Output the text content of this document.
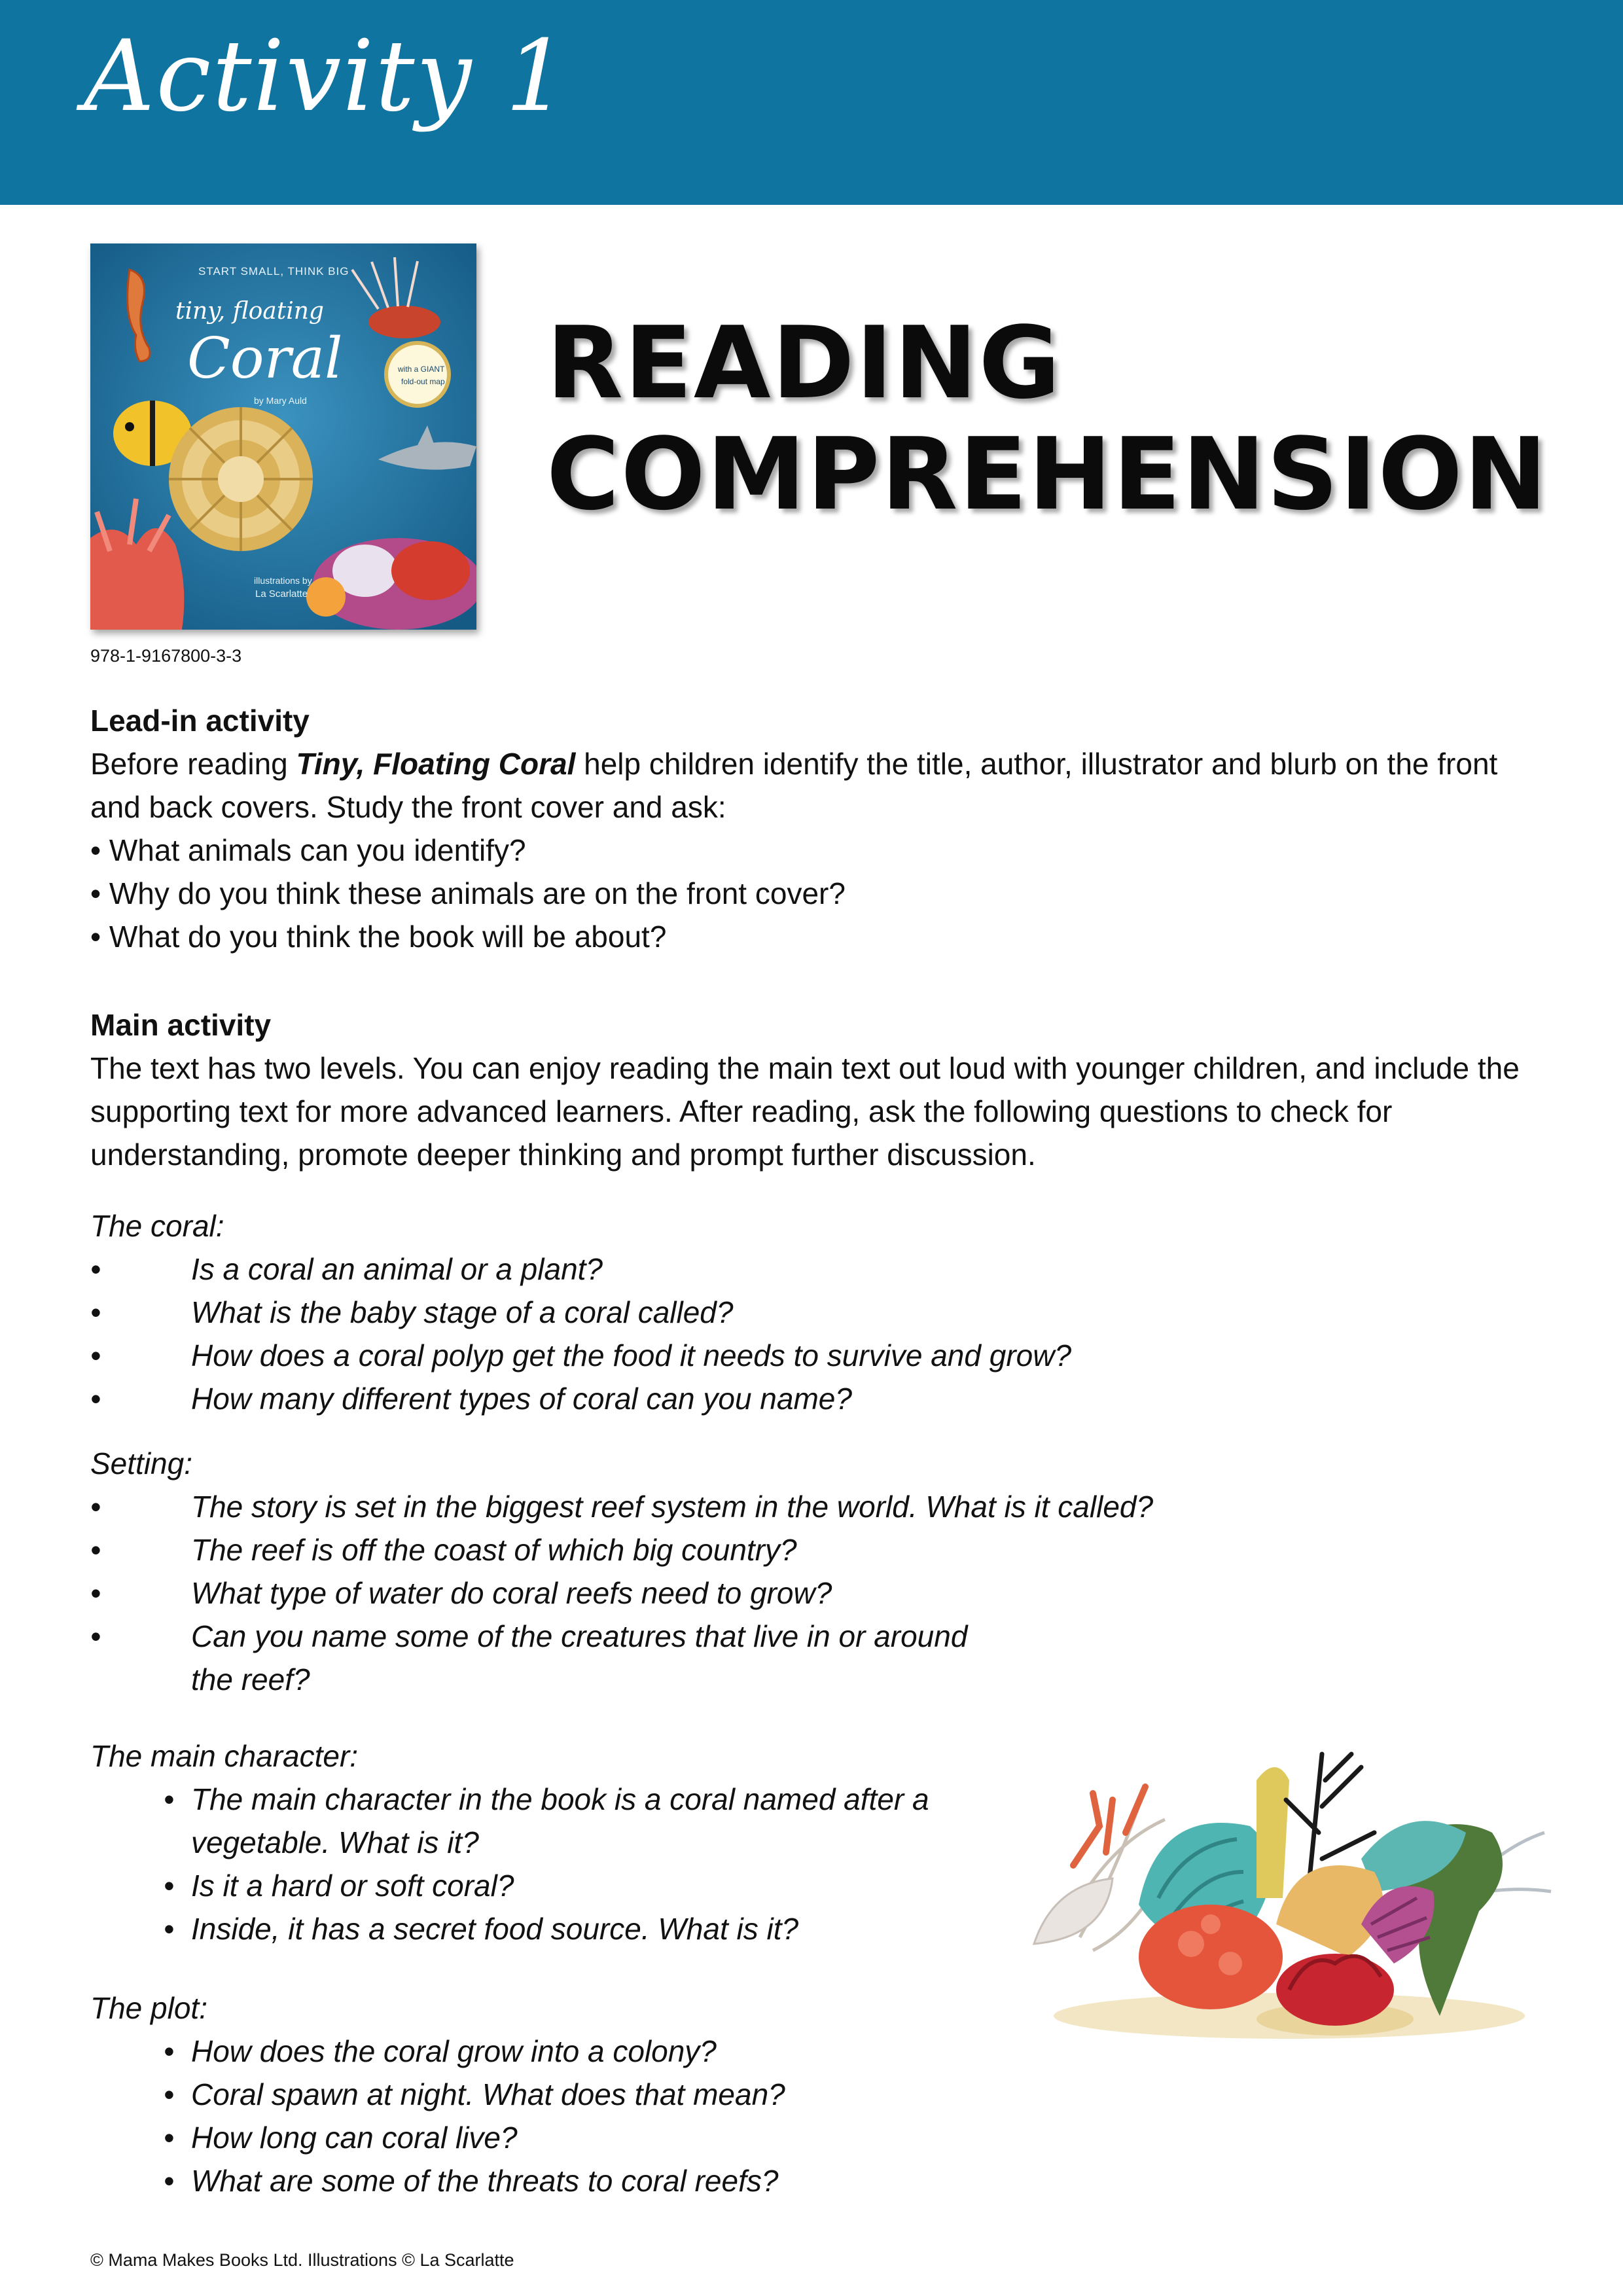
Activity 1
START SMALL, THINK BIG
tiny, floating
Coral
by Mary Auld
with a GIANT
fold-out map
illustrations by
La Scarlatte
978-1-9167800-3-3
READING
COMPREHENSION
Lead-in activity
Before reading Tiny, Floating Coral help children identify the title, author, illustrator and blurb on the front and back covers. Study the front cover and ask:
• What animals can you identify?
• Why do you think these animals are on the front cover?
• What do you think the book will be about?
Main activity
The text has two levels. You can enjoy reading the main text out loud with younger children, and include the supporting text for more advanced learners. After reading, ask the following questions to check for understanding, promote deeper thinking and prompt further discussion.
The coral:
•	Is a coral an animal or a plant?
•	What is the baby stage of a coral called?
•	How does a coral polyp get the food it needs to survive and grow?
•	How many different types of coral can you name?
Setting:
•	The story is set in the biggest reef system in the world. What is it called?
•	The reef is off the coast of which big country?
•	What type of water do coral reefs need to grow?
•	Can you name some of the creatures that live in or around the reef?
The main character:
• The main character in the book is a coral named after a vegetable. What is it?
• Is it a hard or soft coral?
• Inside, it has a secret food source. What is it?
The plot:
• How does the coral grow into a colony?
• Coral spawn at night. What does that mean?
• How long can coral live?
• What are some of the threats to coral reefs?
© Mama Makes Books Ltd. Illustrations © La Scarlatte
